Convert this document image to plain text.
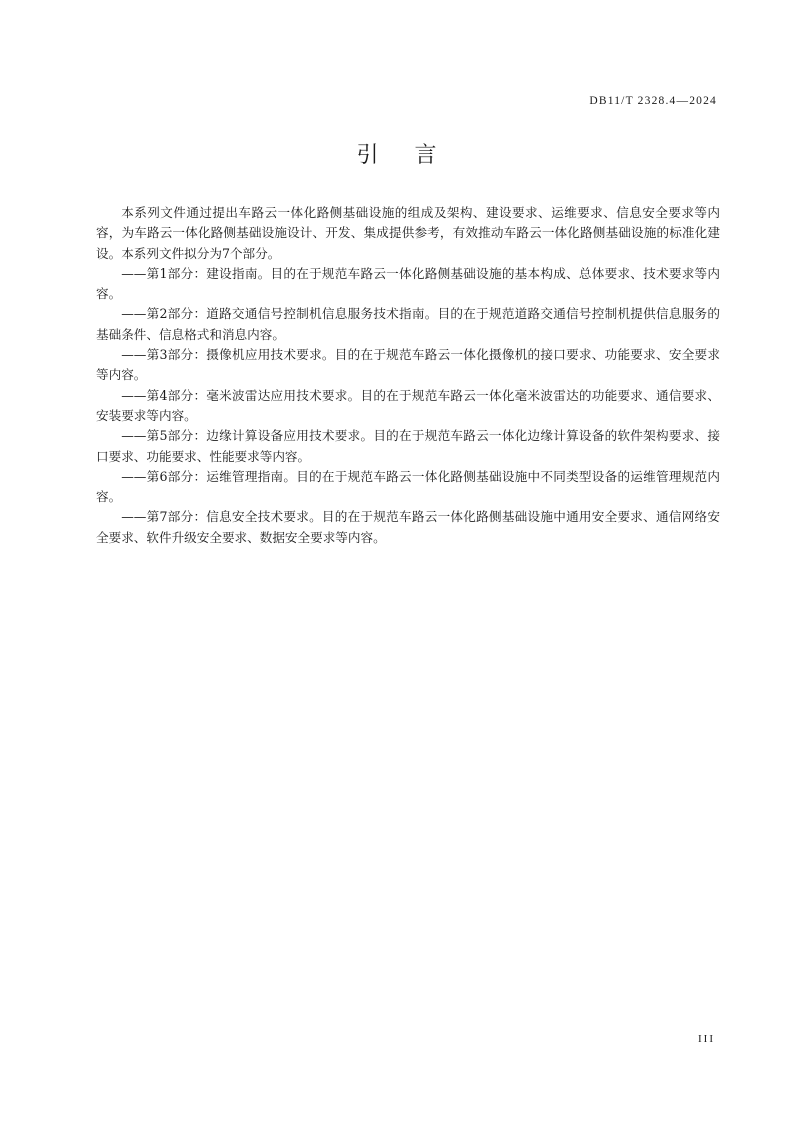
DB11/T 2328.4—2024
引言

本系列文件通过提出车路云一体化路侧基础设施的组成及架构、建设要求、运维要求、信息安全要求等内容，为车路云一体化路侧基础设施设计、开发、集成提供参考，有效推动车路云一体化路侧基础设施的标准化建设。本系列文件拟分为7个部分。

——第1部分：建设指南。目的在于规范车路云一体化路侧基础设施的基本构成、总体要求、技术要求等内容。

——第2部分：道路交通信号控制机信息服务技术指南。目的在于规范道路交通信号控制机提供信息服务的基础条件、信息格式和消息内容。

——第3部分：摄像机应用技术要求。目的在于规范车路云一体化摄像机的接口要求、功能要求、安全要求等内容。

——第4部分：毫米波雷达应用技术要求。目的在于规范车路云一体化毫米波雷达的功能要求、通信要求、安装要求等内容。

——第5部分：边缘计算设备应用技术要求。目的在于规范车路云一体化边缘计算设备的软件架构要求、接口要求、功能要求、性能要求等内容。

——第6部分：运维管理指南。目的在于规范车路云一体化路侧基础设施中不同类型设备的运维管理规范内容。

——第7部分：信息安全技术要求。目的在于规范车路云一体化路侧基础设施中通用安全要求、通信网络安全要求、软件升级安全要求、数据安全要求等内容。

III
